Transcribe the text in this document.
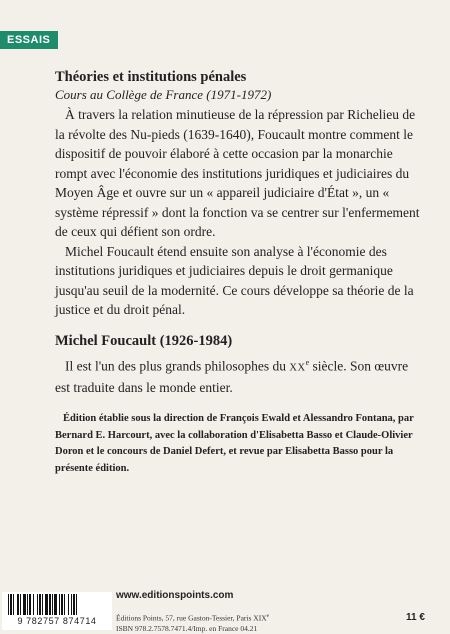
ESSAIS

Théories et institutions pénales

Cours au Collège de France (1971-1972)

À travers la relation minutieuse de la répression par Richelieu de la révolte des Nu-pieds (1639-1640), Foucault montre comment le dispositif de pouvoir élaboré à cette occasion par la monarchie rompt avec l'économie des institutions juridiques et judiciaires du Moyen Âge et ouvre sur un « appareil judiciaire d'État », un « système répressif » dont la fonction va se centrer sur l'enfermement de ceux qui défient son ordre.

Michel Foucault étend ensuite son analyse à l'économie des institutions juridiques et judiciaires depuis le droit germanique jusqu'au seuil de la modernité. Ce cours développe sa théorie de la justice et du droit pénal.

Michel Foucault (1926-1984)

Il est l'un des plus grands philosophes du XXe siècle. Son œuvre est traduite dans le monde entier.

Édition établie sous la direction de François Ewald et Alessandro Fontana, par Bernard E. Harcourt, avec la collaboration d'Elisabetta Basso et Claude-Olivier Doron et le concours de Daniel Defert, et revue par Elisabetta Basso pour la présente édition.

9 782757 874714
www.editionspoints.com
Éditions Points, 57, rue Gaston-Tessier, Paris XIXe
ISBN 978.2.7578.7471.4/Imp. en France 04.21
11 €
